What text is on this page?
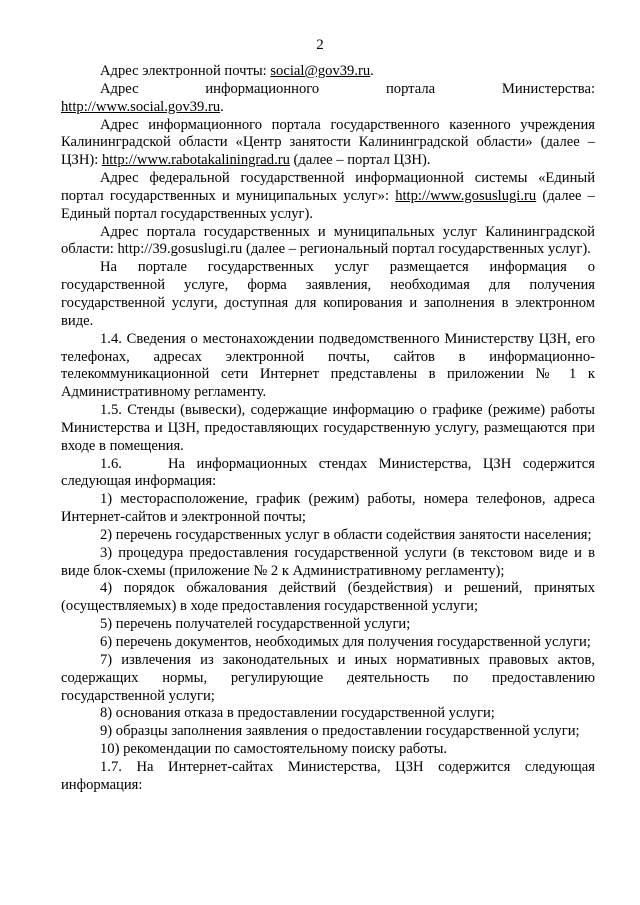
2

Адрес электронной почты: social@gov39.ru.

Адрес информационного портала Министерства:

http://www.social.gov39.ru.

Адрес информационного портала государственного казенного учреждения Калининградской области «Центр занятости Калининградской области» (далее – ЦЗН): http://www.rabotakaliningrad.ru (далее – портал ЦЗН).

Адрес федеральной государственной информационной системы «Единый портал государственных и муниципальных услуг»: http://www.gosuslugi.ru (далее – Единый портал государственных услуг).

Адрес портала государственных и муниципальных услуг Калининградской области: http://39.gosuslugi.ru (далее – региональный портал государственных услуг).

На портале государственных услуг размещается информация о государственной услуге, форма заявления, необходимая для получения государственной услуги, доступная для копирования и заполнения в электронном виде.

1.4. Сведения о местонахождении подведомственного Министерству ЦЗН, его телефонах, адресах электронной почты, сайтов в информационно-телекоммуникационной сети Интернет представлены в приложении № 1 к Административному регламенту.

1.5. Стенды (вывески), содержащие информацию о графике (режиме) работы Министерства и ЦЗН, предоставляющих государственную услугу, размещаются при входе в помещения.

1.6.    На информационных стендах Министерства, ЦЗН содержится следующая информация:

1) месторасположение, график (режим) работы, номера телефонов, адреса Интернет-сайтов и электронной почты;

2) перечень государственных услуг в области содействия занятости населения;

3) процедура предоставления государственной услуги (в текстовом виде и в виде блок-схемы (приложение № 2 к Административному регламенту);

4) порядок обжалования действий (бездействия) и решений, принятых (осуществляемых) в ходе предоставления государственной услуги;

5) перечень получателей государственной услуги;

6) перечень документов, необходимых для получения государственной услуги;

7) извлечения из законодательных и иных нормативных правовых актов, содержащих нормы, регулирующие деятельность по предоставлению государственной услуги;

8) основания отказа в предоставлении государственной услуги;

9) образцы заполнения заявления о предоставлении государственной услуги;

10) рекомендации по самостоятельному поиску работы.

1.7. На Интернет-сайтах Министерства, ЦЗН содержится следующая информация:
